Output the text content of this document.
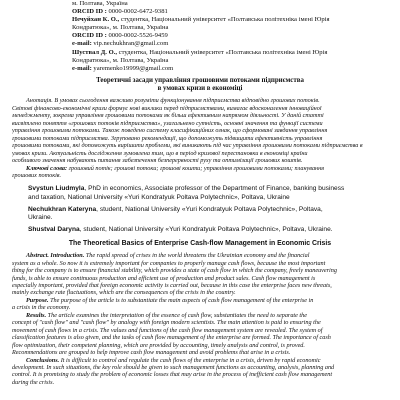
м. Полтава, Україна
ORCID ID : 0000-0002-6472-9381
Нечуйхан К. О., студентка, Національний університет «Полтавська політехніка імені Юрія
Кондратюка», м. Полтава, Україна
ORCID ID : 0000-0002-5526-9459
e-mail: vip.nechukhran@gmail.com
Шуствал Д. О., студентка, Національний університет «Полтавська політехніка імені Юрія
Кондратюка», м. Полтава, Україна
e-mail: yaremenko19999@gmail.com
Теоретичні засади управління грошовими потоками підприємства
в умовах кризи в економіці
Анотація. В умовах сьогодення важливо розуміти функціонування підприємства відповідно грошових потоків.
Світові фінансово-економічні кризи формує нові виклики перед підприємствами, вимагає вдосконалення інноваційної
менеджменту, зокрема управління грошовими потоками як більш ефективним напрямом діяльності. У даній статті
висвітлено поняття «грошових потоків підприємства», узагальнено сутність, основні значення та функції системи
управління грошовими потоками. Також поведено систему класифікаційних ознак, що сформовані завдання управління
грошовими потоками підприємства. Згруповано рекомендації, що допоможуть підвищити ефективність управління
грошовими потоками, які допоможуть вирішити проблеми, які виникають під час управління грошовими потоками підприємства в
умовах кризи. Актуальність дослідження зумовлена тим, що в період кризової перестановки в економіці країни
особливого значення набувають питання забезпечення безперервності руху та оптимізації грошових коштів.
Ключові слова: грошовий потік; грошові потоки; грошові кошти; управління грошовими потоками; планування
грошових потоків.
Svystun Liudmyla, PhD in economics, Associate professor of the Department of Finance, banking business
and taxation, National University «Yuri Kondratyuk Poltava Polytechnic», Poltava, Ukraine
Nechukhran Kateryna, student, National University «Yuri Kondratyuk Poltava Polytechnic», Poltava,
Ukraine.
Shustval Daryna, student, National University «Yuri Kondratyuk Poltava Polytechnic», Poltava, Ukraine.
The Theoretical Basics of Enterprise Cash-flow Management in Economic Crisis
Abstract. Introduction. The rapid spread of crises in the world threatens the Ukrainian economy and the financial
system as a whole. So now it is extremely important for companies to properly manage cash flows, because the most important
thing for the company is to ensure financial stability, which provides a state of cash flow in which the company, freely maneuvering
funds, is able to ensure continuous production and efficient use of production and product sales. Cash flow management is
especially important, provided that foreign economic activity is carried out, because in this case the enterprise faces new threats,
mainly exchange rate fluctuations, which are the consequences of the crisis in the country.
Purpose. The purpose of the article is to substantiate the main aspects of cash flow management of the enterprise in
a crisis in the economy.
Results. The article examines the interpretation of the essence of cash flow, substantiates the need to separate the
concept of "cash flow" and "cash flow" by analogy with foreign modern scientists. The main attention is paid to ensuring the
movement of cash flows in a crisis. The values and functions of the cash flow management system are revealed. The system of
classification features is also given, and the tasks of cash flow management of the enterprise are formed. The importance of cash
flow optimization, their competent planning, which are provided by accounting, timely analysis and control, is proved.
Recommendations are grouped to help improve cash flow management and avoid problems that arise in a crisis.
Conclusions. It is difficult to control and regulate the cash flows of the enterprise in a crisis, driven by rapid economic
development. In such situations, the key role should be given to such management functions as accounting, analysis, planning and
control. It is promising to study the problem of economic losses that may arise in the process of inefficient cash flow management
during the crisis.
